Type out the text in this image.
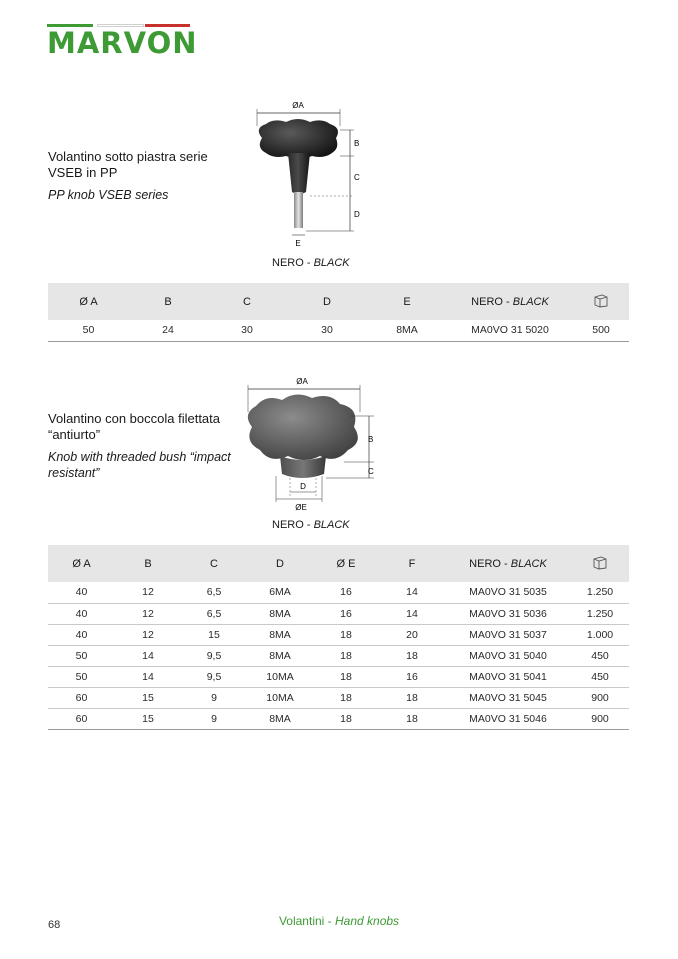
MARVON
Volantino sotto piastra serie
VSEB in PP
PP knob VSEB series
ØA
B
C
D
E
NERO - BLACK
Ø A	B	C	D	E	NERO - BLACK	
50	24	30	30	8MA	MA0VO 31 5020	500
Volantino con boccola filettata
“antiurto”
Knob with threaded bush “impact
resistant”
ØA
B
C
D
ØE
NERO - BLACK
Ø A	B	C	D	Ø E	F	NERO - BLACK	
40	12	6,5	6MA	16	14	MA0VO 31 5035	1.250
40	12	6,5	8MA	16	14	MA0VO 31 5036	1.250
40	12	15	8MA	18	20	MA0VO 31 5037	1.000
50	14	9,5	8MA	18	18	MA0VO 31 5040	450
50	14	9,5	10MA	18	16	MA0VO 31 5041	450
60	15	9	10MA	18	18	MA0VO 31 5045	900
60	15	9	8MA	18	18	MA0VO 31 5046	900
68	Volantini - Hand knobs
